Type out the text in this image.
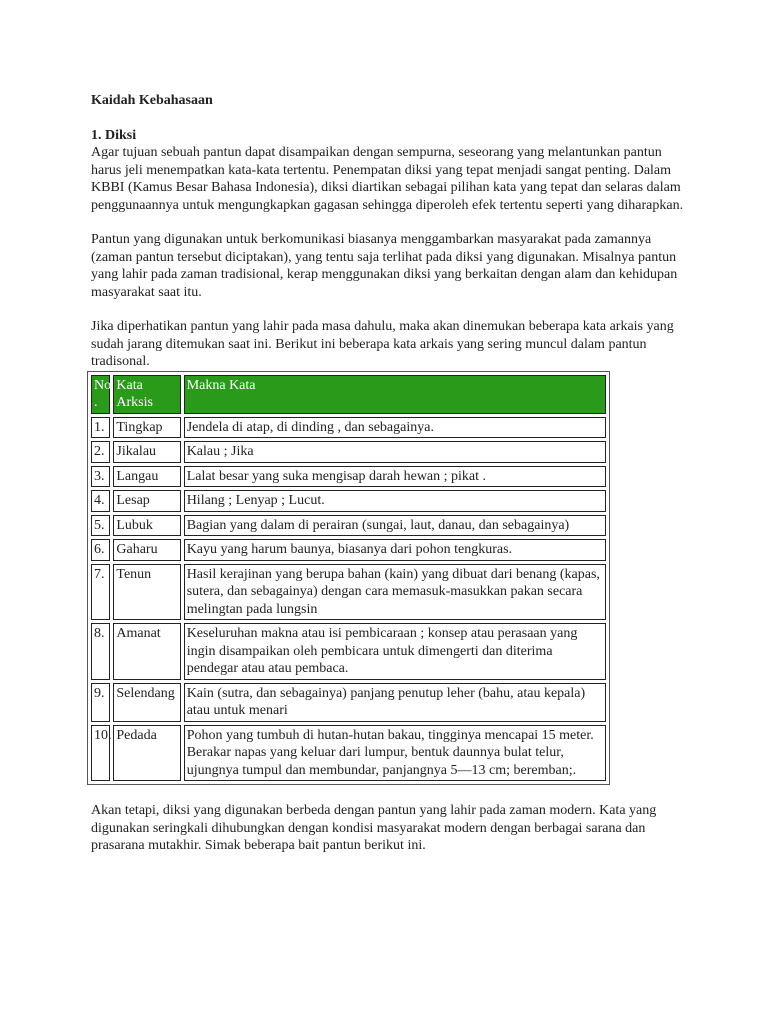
Kaidah Kebahasaan

1. Diksi

Agar tujuan sebuah pantun dapat disampaikan dengan sempurna, seseorang yang melantunkan pantun harus jeli menempatkan kata-kata tertentu. Penempatan diksi yang tepat menjadi sangat penting. Dalam KBBI (Kamus Besar Bahasa Indonesia), diksi diartikan sebagai pilihan kata yang tepat dan selaras dalam penggunaannya untuk mengungkapkan gagasan sehingga diperoleh efek tertentu seperti yang diharapkan.

Pantun yang digunakan untuk berkomunikasi biasanya menggambarkan masyarakat pada zamannya (zaman pantun tersebut diciptakan), yang tentu saja terlihat pada diksi yang digunakan. Misalnya pantun yang lahir pada zaman tradisional, kerap menggunakan diksi yang berkaitan dengan alam dan kehidupan masyarakat saat itu.

Jika diperhatikan pantun yang lahir pada masa dahulu, maka akan dinemukan beberapa kata arkais yang sudah jarang ditemukan saat ini. Berikut ini beberapa kata arkais yang sering muncul dalam pantun tradisonal.

No .	Kata Arksis	Makna Kata
1.	Tingkap	Jendela di atap, di dinding , dan sebagainya.
2.	Jikalau	Kalau ; Jika
3.	Langau	Lalat besar yang suka mengisap darah hewan ; pikat .
4.	Lesap	Hilang ; Lenyap ; Lucut.
5.	Lubuk	Bagian yang dalam di perairan (sungai, laut, danau, dan sebagainya)
6.	Gaharu	Kayu yang harum baunya, biasanya dari pohon tengkuras.
7.	Tenun	Hasil kerajinan yang berupa bahan (kain) yang dibuat dari benang (kapas, sutera, dan sebagainya) dengan cara memasuk-masukkan pakan secara melingtan pada lungsin
8.	Amanat	Keseluruhan makna atau isi pembicaraan ; konsep atau perasaan yang ingin disampaikan oleh pembicara untuk dimengerti dan diterima pendegar atau atau pembaca.
9.	Selendang	Kain (sutra, dan sebagainya) panjang penutup leher (bahu, atau kepala) atau untuk menari
10.	Pedada	Pohon yang tumbuh di hutan-hutan bakau, tingginya mencapai 15 meter. Berakar napas yang keluar dari lumpur, bentuk daunnya bulat telur, ujungnya tumpul dan membundar, panjangnya 5—13 cm; beremban;.

Akan tetapi, diksi yang digunakan berbeda dengan pantun yang lahir pada zaman modern. Kata yang digunakan seringkali dihubungkan dengan kondisi masyarakat modern dengan berbagai sarana dan prasarana mutakhir. Simak beberapa bait pantun berikut ini.
